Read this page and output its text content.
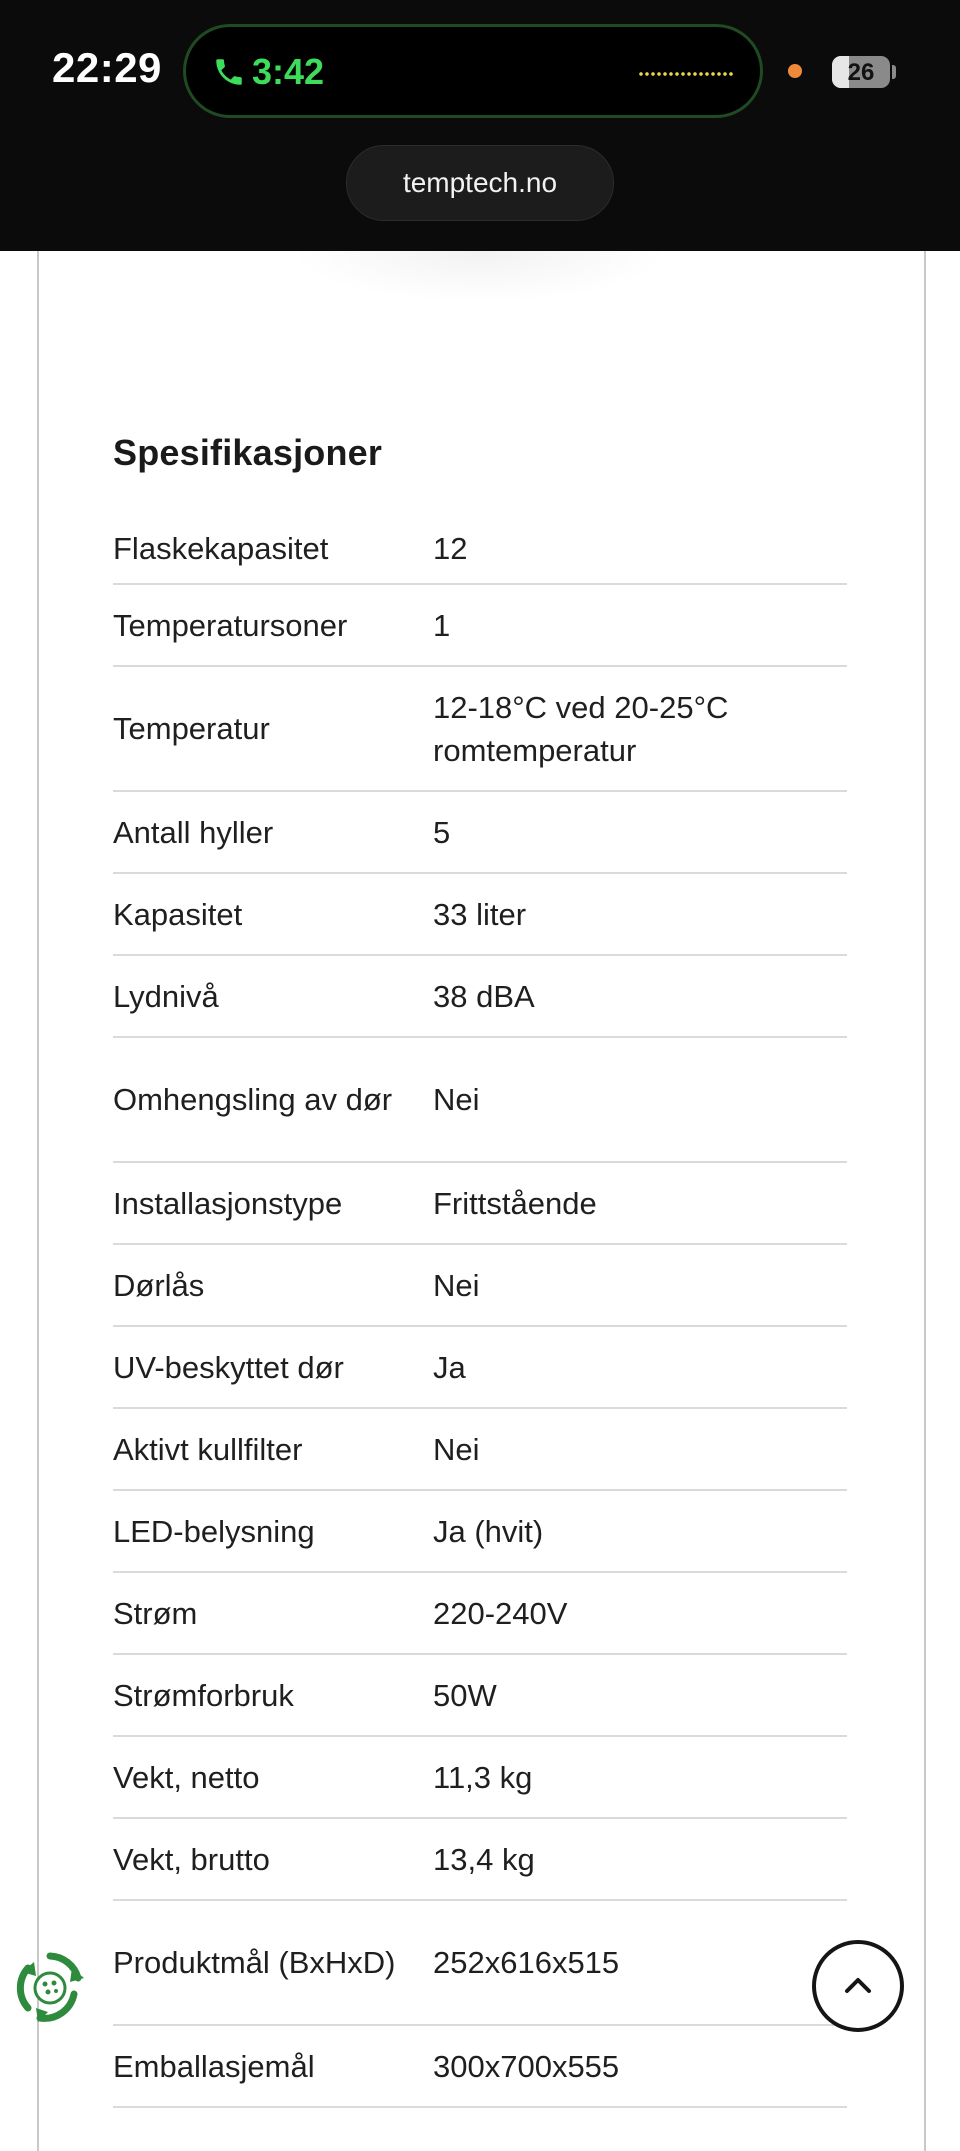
22:29	3:42	26
temptech.no
Spesifikasjoner
Flaskekapasitet	12
Temperatursoner	1
Temperatur	12-18°C ved 20-25°C romtemperatur
Antall hyller	5
Kapasitet	33 liter
Lydnivå	38 dBA
Omhengsling av dør	Nei
Installasjonstype	Frittstående
Dørlås	Nei
UV-beskyttet dør	Ja
Aktivt kullfilter	Nei
LED-belysning	Ja (hvit)
Strøm	220-240V
Strømforbruk	50W
Vekt, netto	11,3 kg
Vekt, brutto	13,4 kg
Produktmål (BxHxD)	252x616x515
Emballasjemål	300x700x555
